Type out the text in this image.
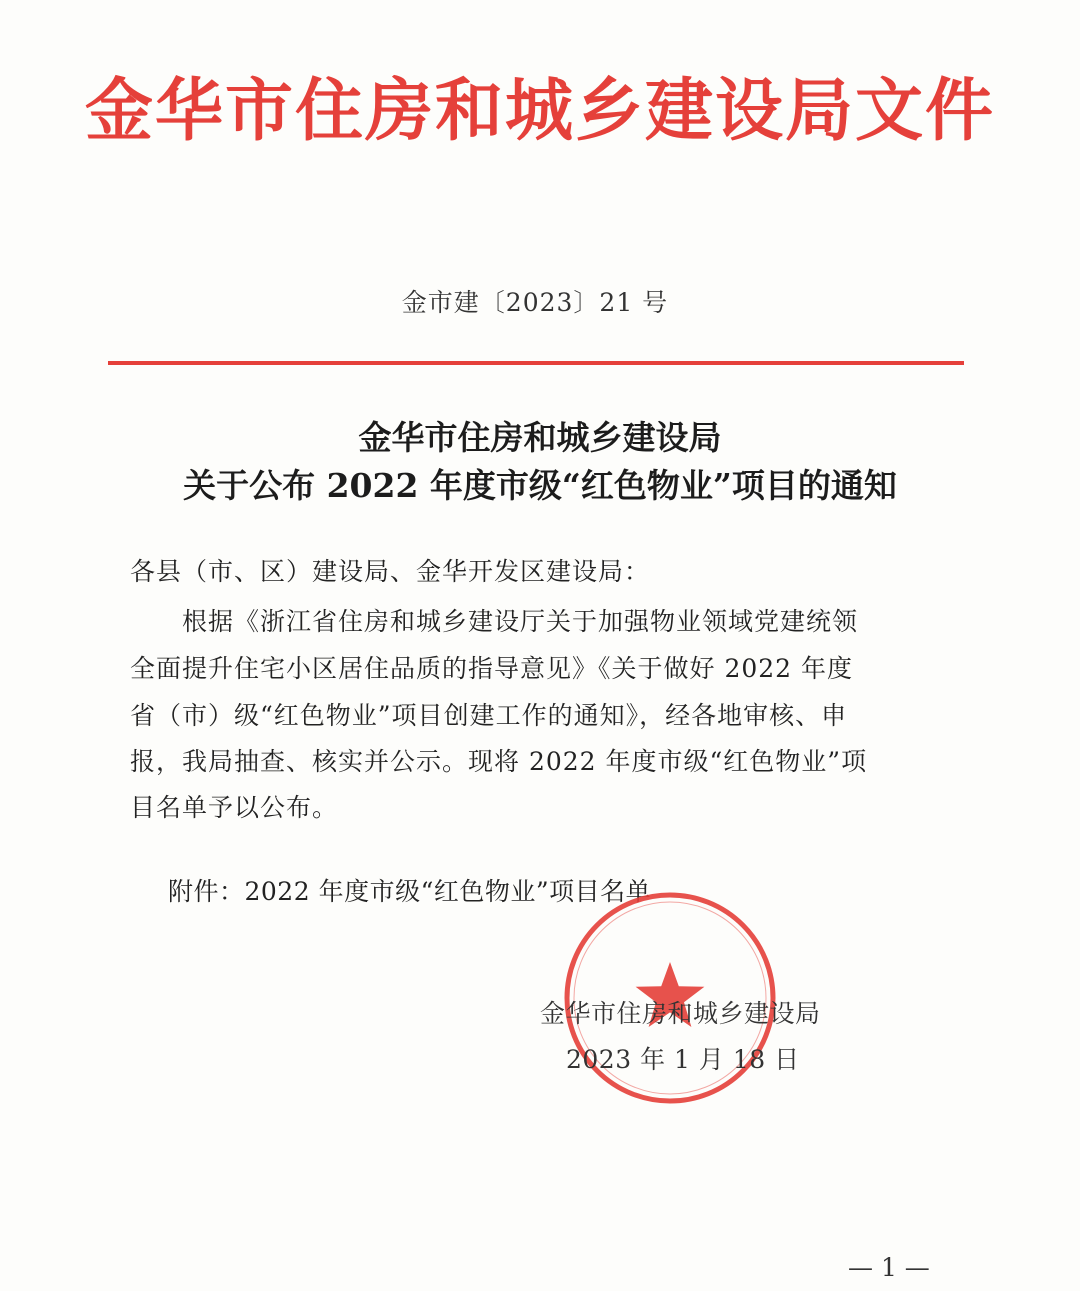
金华市住房和城乡建设局文件
金市建〔2023〕21 号
金华市住房和城乡建设局
关于公布 2022 年度市级“红色物业”项目的通知
各县（市、区）建设局、金华开发区建设局：
　　根据《浙江省住房和城乡建设厅关于加强物业领域党建统领
全面提升住宅小区居住品质的指导意见》《关于做好 2022 年度
省（市）级“红色物业”项目创建工作的通知》，经各地审核、申
报，我局抽查、核实并公示。现将 2022 年度市级“红色物业”项
目名单予以公布。
附件：2022 年度市级“红色物业”项目名单
金华市住房和城乡建设局
2023 年 1 月 18 日
— 1 —
